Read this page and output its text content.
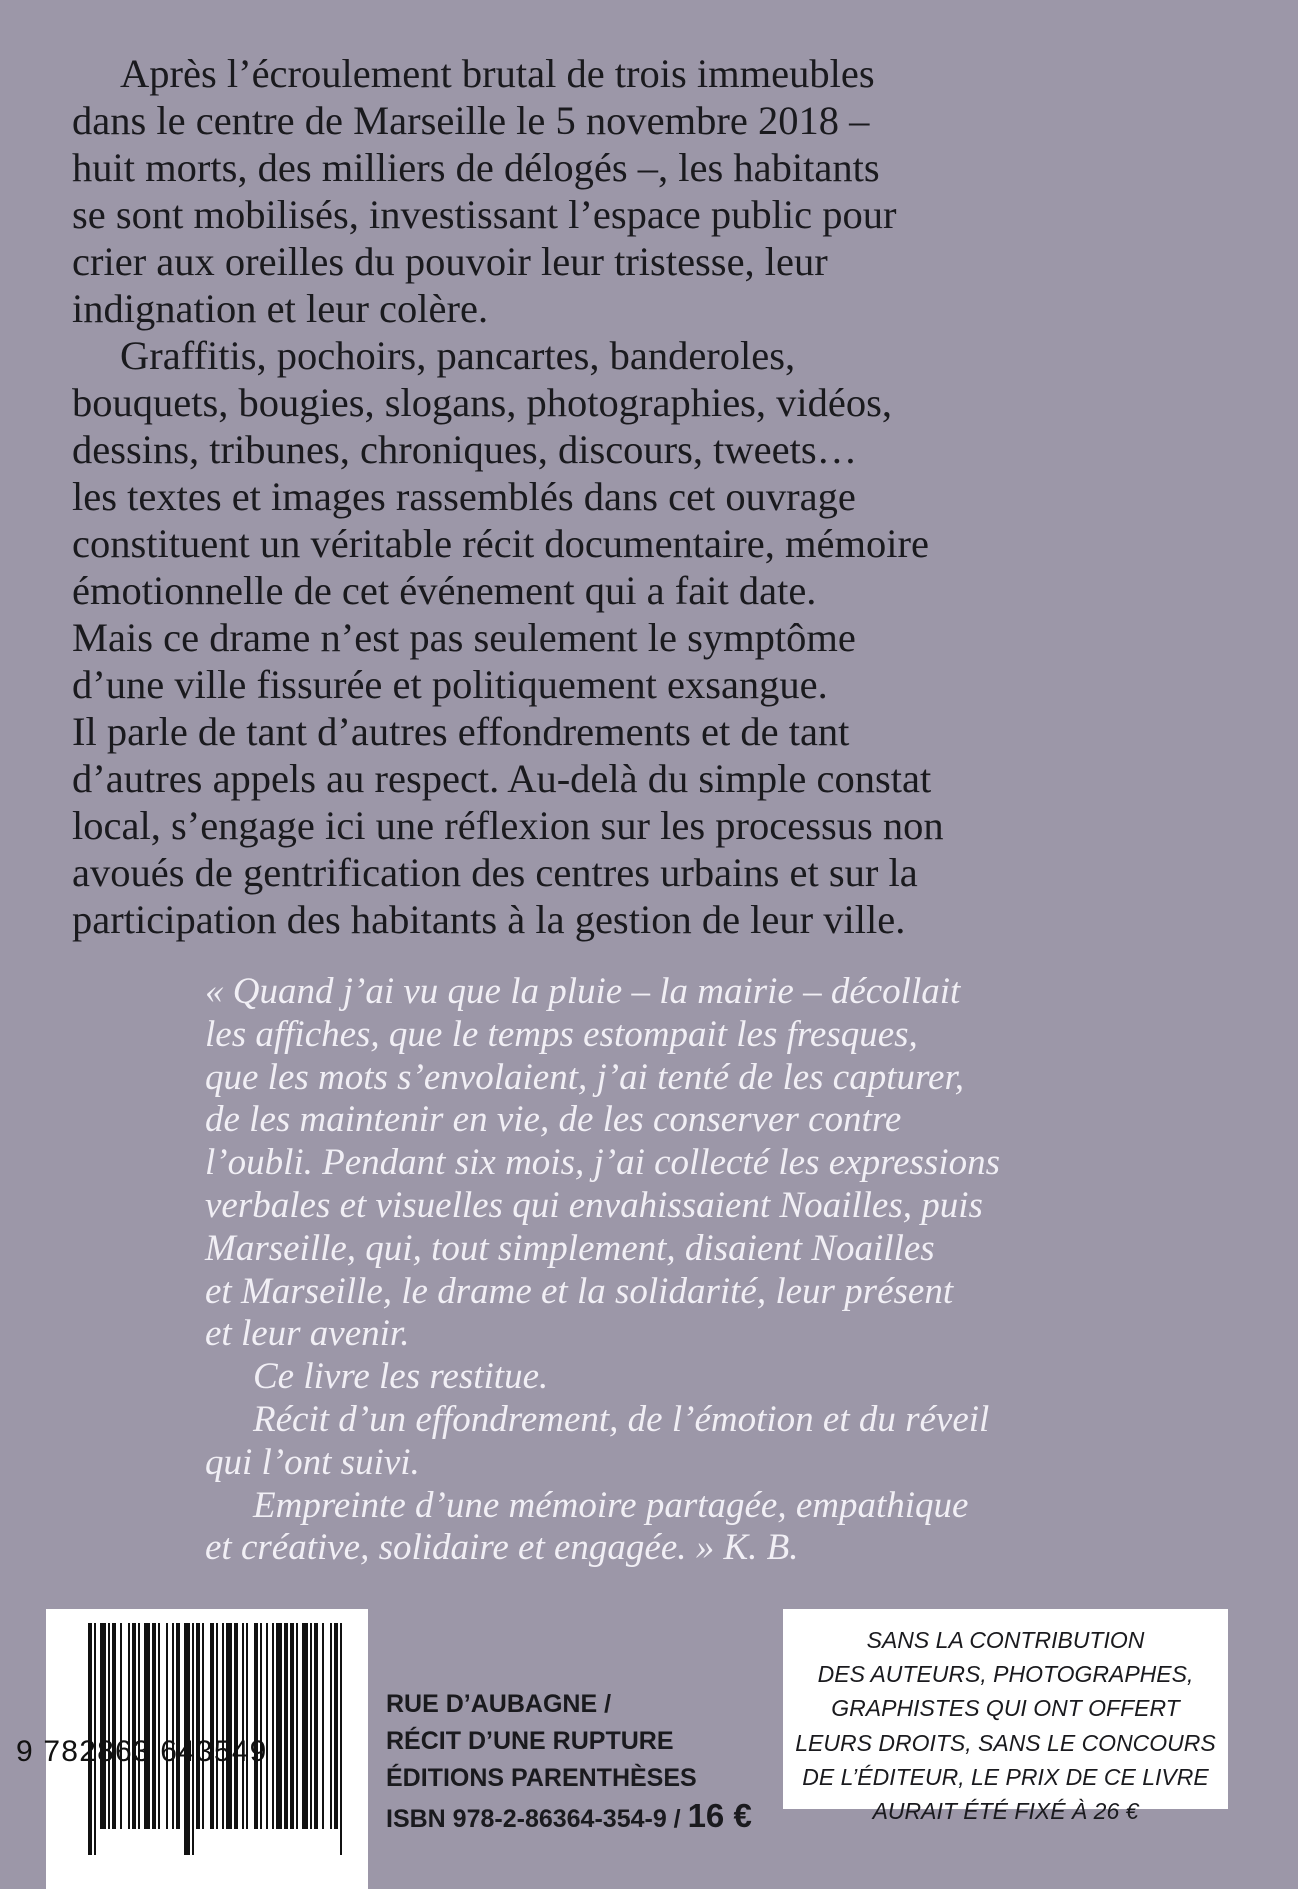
Après l’écroulement brutal de trois immeubles
dans le centre de Marseille le 5 novembre 2018 –
huit morts, des milliers de délogés –, les habitants
se sont mobilisés, investissant l’espace public pour
crier aux oreilles du pouvoir leur tristesse, leur
indignation et leur colère.
Graffitis, pochoirs, pancartes, banderoles,
bouquets, bougies, slogans, photographies, vidéos,
dessins, tribunes, chroniques, discours, tweets…
les textes et images rassemblés dans cet ouvrage
constituent un véritable récit documentaire, mémoire
émotionnelle de cet événement qui a fait date.
Mais ce drame n’est pas seulement le symptôme
d’une ville fissurée et politiquement exsangue.
Il parle de tant d’autres effondrements et de tant
d’autres appels au respect. Au-delà du simple constat
local, s’engage ici une réflexion sur les processus non
avoués de gentrification des centres urbains et sur la
participation des habitants à la gestion de leur ville.
« Quand j’ai vu que la pluie – la mairie – décollait
les affiches, que le temps estompait les fresques,
que les mots s’envolaient, j’ai tenté de les capturer,
de les maintenir en vie, de les conserver contre
l’oubli. Pendant six mois, j’ai collecté les expressions
verbales et visuelles qui envahissaient Noailles, puis
Marseille, qui, tout simplement, disaient Noailles
et Marseille, le drame et la solidarité, leur présent
et leur avenir.
Ce livre les restitue.
Récit d’un effondrement, de l’émotion et du réveil
qui l’ont suivi.
Empreinte d’une mémoire partagée, empathique
et créative, solidaire et engagée. » K. B.
9 782863 643549
RUE D’AUBAGNE /
RÉCIT D’UNE RUPTURE
ÉDITIONS PARENTHÈSES
ISBN 978-2-86364-354-9 / 16 €
SANS LA CONTRIBUTION
DES AUTEURS, PHOTOGRAPHES,
GRAPHISTES QUI ONT OFFERT
LEURS DROITS, SANS LE CONCOURS
DE L’ÉDITEUR, LE PRIX DE CE LIVRE
AURAIT ÉTÉ FIXÉ À 26 €
